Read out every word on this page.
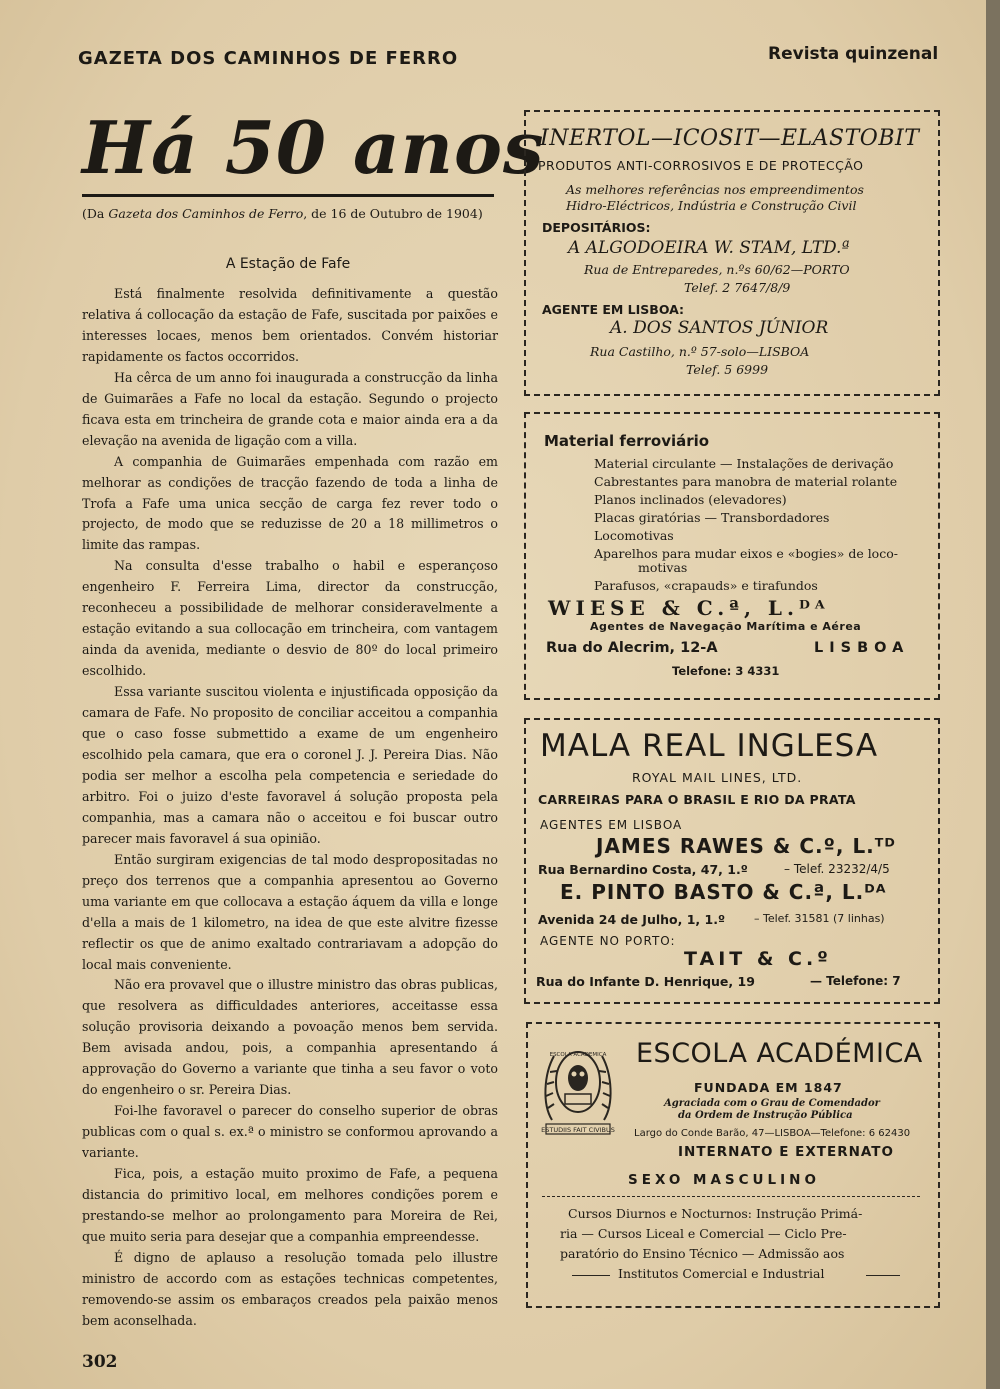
GAZETA DOS CAMINHOS DE FERRO	Revista quinzenal
Há 50 anos
(Da Gazeta dos Caminhos de Ferro, de 16 de Outubro de 1904)
A Estação de Fafe

Está finalmente resolvida definitivamente a questão relativa á collocação da estação de Fafe, suscitada por paixões e interesses locaes, menos bem orientados. Convém historiar rapidamente os factos occorridos.

Ha cêrca de um anno foi inaugurada a construcção da linha de Guimarães a Fafe no local da estação. Segundo o projecto ficava esta em trincheira de grande cota e maior ainda era a da elevação na avenida de ligação com a villa.

A companhia de Guimarães empenhada com razão em melhorar as condições de tracção fazendo de toda a linha de Trofa a Fafe uma unica secção de carga fez rever todo o projecto, de modo que se reduzisse de 20 a 18 millimetros o limite das rampas.

Na consulta d'esse trabalho o habil e esperançoso engenheiro F. Ferreira Lima, director da construcção, reconheceu a possibilidade de melhorar consideravelmente a estação evitando a sua collocação em trincheira, com vantagem ainda da avenida, mediante o desvio de 80º do local primeiro escolhido.

Essa variante suscitou violenta e injustificada opposição da camara de Fafe. No proposito de conciliar acceitou a companhia que o caso fosse submettido a exame de um engenheiro escolhido pela camara, que era o coronel J. J. Pereira Dias. Não podia ser melhor a escolha pela competencia e seriedade do arbitro. Foi o juizo d'este favoravel á solução proposta pela companhia, mas a camara não o acceitou e foi buscar outro parecer mais favoravel á sua opinião.

Então surgiram exigencias de tal modo despropositadas no preço dos terrenos que a companhia apresentou ao Governo uma variante em que collocava a estação áquem da villa e longe d'ella a mais de 1 kilometro, na idea de que este alvitre fizesse reflectir os que de animo exaltado contrariavam a adopção do local mais conveniente.

Não era provavel que o illustre ministro das obras publicas, que resolvera as difficuldades anteriores, acceitasse essa solução provisoria deixando a povoação menos bem servida. Bem avisada andou, pois, a companhia apresentando á approvação do Governo a variante que tinha a seu favor o voto do engenheiro o sr. Pereira Dias.

Foi-lhe favoravel o parecer do conselho superior de obras publicas com o qual s. ex.ª o ministro se conformou aprovando a variante.

Fica, pois, a estação muito proximo de Fafe, a pequena distancia do primitivo local, em melhores condições porem e prestando-se melhor ao prolongamento para Moreira de Rei, que muito seria para desejar que a companhia empreendesse.

É digno de aplauso a resolução tomada pelo illustre ministro de accordo com as estações technicas competentes, removendo-se assim os embaraços creados pela paixão menos bem aconselhada.

302
INERTOL—ICOSIT—ELASTOBIT
PRODUTOS ANTI-CORROSIVOS E DE PROTECÇÃO
As melhores referências nos empreendimentos
Hidro-Eléctricos, Indústria e Construção Civil
DEPOSITÁRIOS:
A ALGODOEIRA W. STAM, LTD.ª
Rua de Entreparedes, n.ºs 60/62—PORTO
Telef. 2 7647/8/9
AGENTE EM LISBOA:
A. DOS SANTOS JÚNIOR
Rua Castilho, n.º 57-solo—LISBOA
Telef. 5 6999
Material ferroviário
Material circulante — Instalações de derivação
Cabrestantes para manobra de material rolante
Planos inclinados (elevadores)
Placas giratórias — Transbordadores
Locomotivas
Aparelhos para mudar eixos e «bogies» de loco-
motivas
Parafusos, «crapauds» e tirafundos
WIESE & C.ª, L.ᴰᴬ
Agentes de Navegação Marítima e Aérea
Rua do Alecrim, 12-A	LISBOA
Telefone: 3 4331
MALA REAL INGLESA
ROYAL MAIL LINES, LTD.
CARREIRAS PARA O BRASIL E RIO DA PRATA
AGENTES EM LISBOA
JAMES RAWES & C.º, L.ᵀᴰ
Rua Bernardino Costa, 47, 1.º	– Telef. 23232/4/5
E. PINTO BASTO & C.ª, L.ᴰᴬ
Avenida 24 de Julho, 1, 1.º	– Telef. 31581 (7 linhas)
AGENTE NO PORTO:
TAIT & C.º
Rua do Infante D. Henrique, 19	— Telefone: 7
ESTUDIIS FAIT CIVIBUS
ESCOLA ACADEMICA ESCOLA ACADÉMICA
FUNDADA EM 1847
Agraciada com o Grau de Comendador
da Ordem de Instrução Pública
Largo do Conde Barão, 47—LISBOA—Telefone: 6 62430
INTERNATO E EXTERNATO
SEXO MASCULINO
Cursos Diurnos e Nocturnos: Instrução Primá-
ria — Cursos Liceal e Comercial — Ciclo Pre-
paratório do Ensino Técnico — Admissão aos
Institutos Comercial e Industrial
